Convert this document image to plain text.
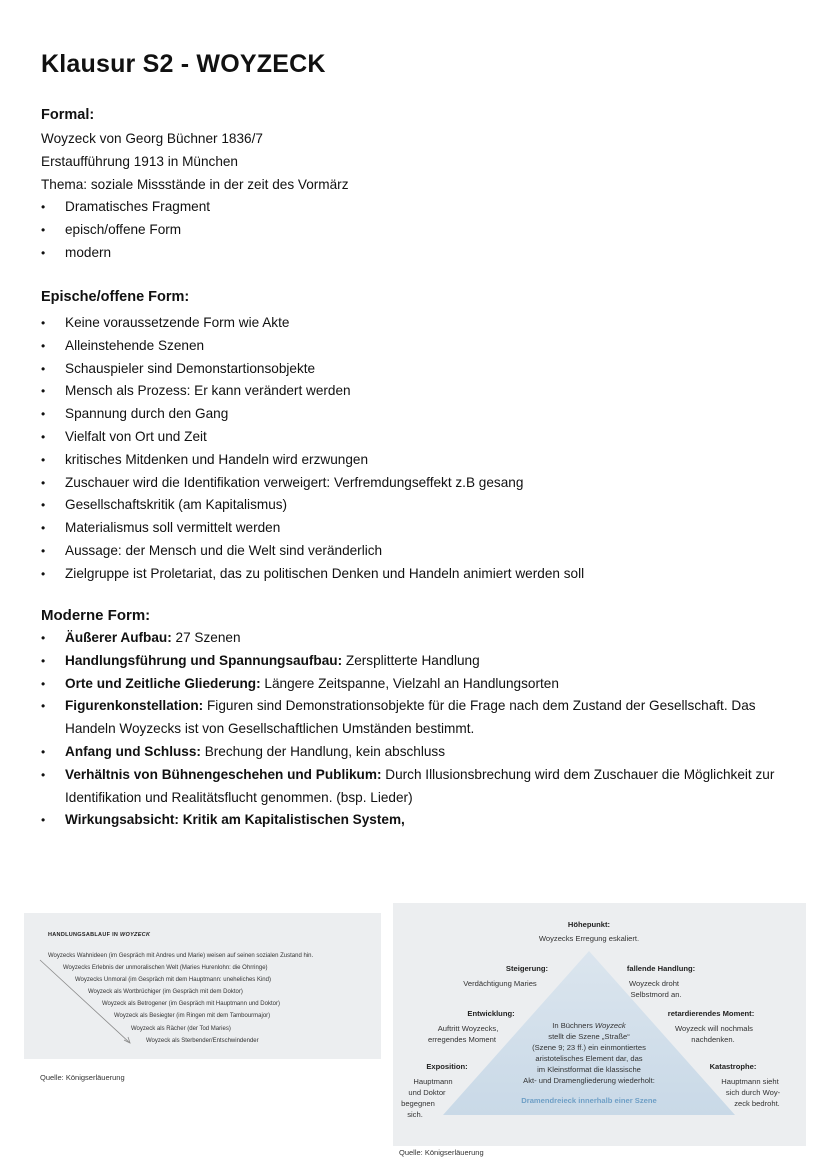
Klausur S2 - WOYZECK
Formal:
Woyzeck von Georg Büchner 1836/7
Erstaufführung 1913 in München
Thema: soziale Missstände in der zeit des Vormärz
• Dramatisches Fragment
• episch/offene Form
• modern
Epische/offene Form:
• Keine voraussetzende Form wie Akte
• Alleinstehende Szenen
• Schauspieler sind Demonstartionsobjekte
• Mensch als Prozess: Er kann verändert werden
• Spannung durch den Gang
• Vielfalt von Ort und Zeit
• kritisches Mitdenken und Handeln wird erzwungen
• Zuschauer wird die Identifikation verweigert: Verfremdungseffekt z.B gesang
• Gesellschaftskritik (am Kapitalismus)
• Materialismus soll vermittelt werden
• Aussage: der Mensch und die Welt sind veränderlich
• Zielgruppe ist Proletariat, das zu politischen Denken und Handeln animiert werden soll
Moderne Form:
• Äußerer Aufbau: 27 Szenen
• Handlungsführung und Spannungsaufbau: Zersplitterte Handlung
• Orte und Zeitliche Gliederung: Längere Zeitspanne, Vielzahl an Handlungsorten
• Figurenkonstellation: Figuren sind Demonstrationsobjekte für die Frage nach dem Zustand der Gesellschaft. Das
Handeln Woyzecks ist von Gesellschaftlichen Umständen bestimmt.
• Anfang und Schluss: Brechung der Handlung, kein abschluss
• Verhältnis von Bühnengeschehen und Publikum: Durch Illusionsbrechung wird dem Zuschauer die Möglichkeit zur
Identifikation und Realitätsflucht genommen. (bsp. Lieder)
• Wirkungsabsicht: Kritik am Kapitalistischen System,
HANDLUNGSABLAUF IN WOYZECK
Woyzecks Wahnideen (im Gespräch mit Andres und Marie) weisen auf seinen sozialen Zustand hin.
Woyzecks Erlebnis der unmoralischen Welt (Maries Hurenlohn: die Ohrringe)
Woyzecks Unmoral (im Gespräch mit dem Hauptmann: uneheliches Kind)
Woyzeck als Wortbrüchiger (im Gespräch mit dem Doktor)
Woyzeck als Betrogener (im Gespräch mit Hauptmann und Doktor)
Woyzeck als Besiegter (im Ringen mit dem Tambourmajor)
Woyzeck als Rächer (der Tod Maries)
Woyzeck als Sterbender/Entschwindender
Quelle: Königserläuerung
Höhepunkt:
Woyzecks Erregung eskaliert.
Steigerung:
Verdächtigung Maries
fallende Handlung:
Woyzeck droht
Selbstmord an.
Entwicklung:
Auftritt Woyzecks,
erregendes Moment
retardierendes Moment:
Woyzeck will nochmals
nachdenken.
Exposition:
Hauptmann
und Doktor
begegnen
sich.
Katastrophe:
Hauptmann sieht
sich durch Woy-
zeck bedroht.
In Büchners Woyzeck
stellt die Szene „Straße“
(Szene 9; 23 ff.) ein einmontiertes
aristotelisches Element dar, das
im Kleinstformat die klassische
Akt- und Dramengliederung wiederholt:
Dramendreieck innerhalb einer Szene
Quelle: Königserläuerung
